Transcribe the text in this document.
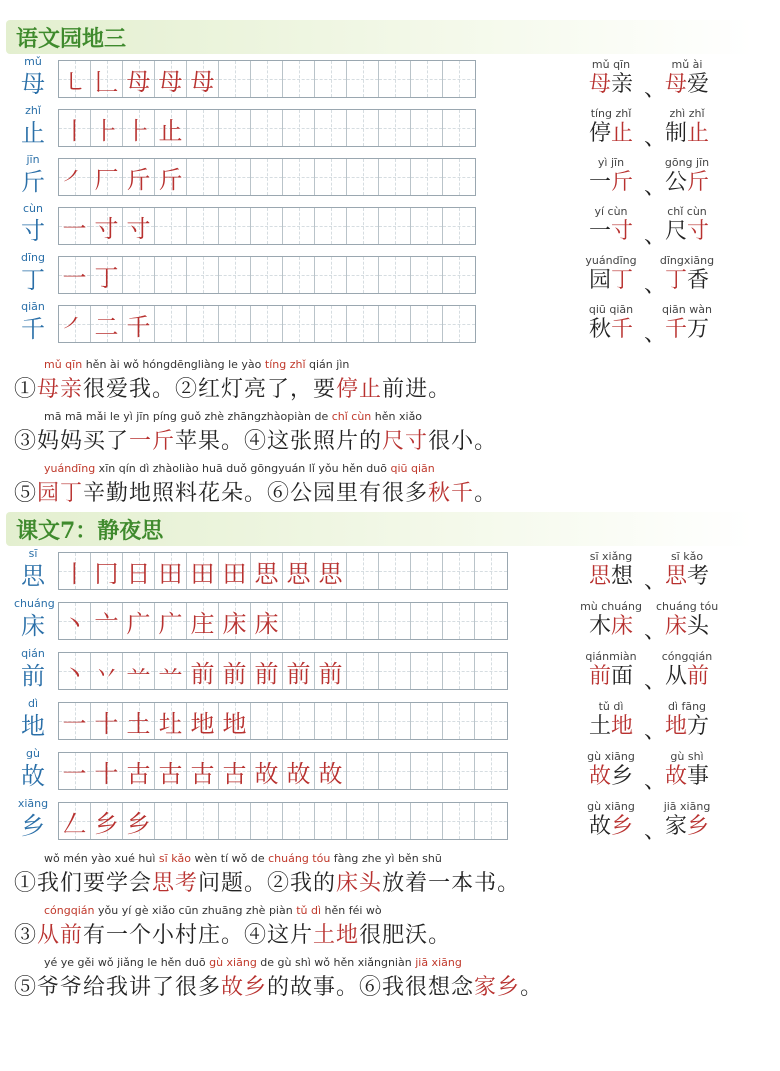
语文园地三
mǔ
母 ㇄ 𠃊 母 母 母
mǔ qīn
母亲
mǔ ài
母爱
、
zhǐ
止 丨 ⺊ ⺊ 止
tíng zhǐ
停止
zhì zhǐ
制止
、
jīn
斤 ㇒ 厂 斤 斤
yì jīn
一斤
gōng jīn
公斤
、
cùn
寸 一 寸 寸
yí cùn
一寸
chǐ cùn
尺寸
、
dīng
丁 一 丁
yuándīng
园丁
dīngxiāng
丁香
、
qiān
千 ㇒ 二 千
qiū qiān
秋千
qiān wàn
千万
、
mǔ qīn hěn ài wǒ hóngdēngliàng le yào tíng zhǐ qián jìn
①母亲很爱我。②红灯亮了，要停止前进。
mā mā mǎi le yì jīn píng guǒ zhè zhāngzhàopiàn de chǐ cùn hěn xiǎo
③妈妈买了一斤苹果。④这张照片的尺寸很小。
yuándīng xīn qín dì zhàoliào huā duǒ gōngyuán lǐ yǒu hěn duō qiū qiān
⑤园丁辛勤地照料花朵。⑥公园里有很多秋千。
课文7：静夜思
sī
思 丨 冂 日 田 田 田 思 思 思
sī xiǎng
思想
sī kǎo
思考
、
chuáng
床 丶 亠 广 广 庄 床 床
mù chuáng
木床
chuáng tóu
床头
、
qián
前 丶 丷 䒑 䒑 前 前 前 前 前
qiánmiàn
前面
cóngqián
从前
、
dì
地 一 十 土 圵 地 地
tǔ dì
土地
dì fāng
地方
、
gù
故 一 十 古 古 古 古 故 故 故
gù xiāng
故乡
gù shì
故事
、
xiāng
乡 𠃋 乡 乡
gù xiāng
故乡
jiā xiāng
家乡
、
wǒ mén yào xué huì sī kǎo wèn tí wǒ de chuáng tóu fàng zhe yì běn shū
①我们要学会思考问题。②我的床头放着一本书。
cóngqián yǒu yí gè xiǎo cūn zhuāng zhè piàn tǔ dì hěn féi wò
③从前有一个小村庄。④这片土地很肥沃。
yé ye gěi wǒ jiǎng le hěn duō gù xiāng de gù shì wǒ hěn xiǎngniàn jiā xiāng
⑤爷爷给我讲了很多故乡的故事。⑥我很想念家乡。
